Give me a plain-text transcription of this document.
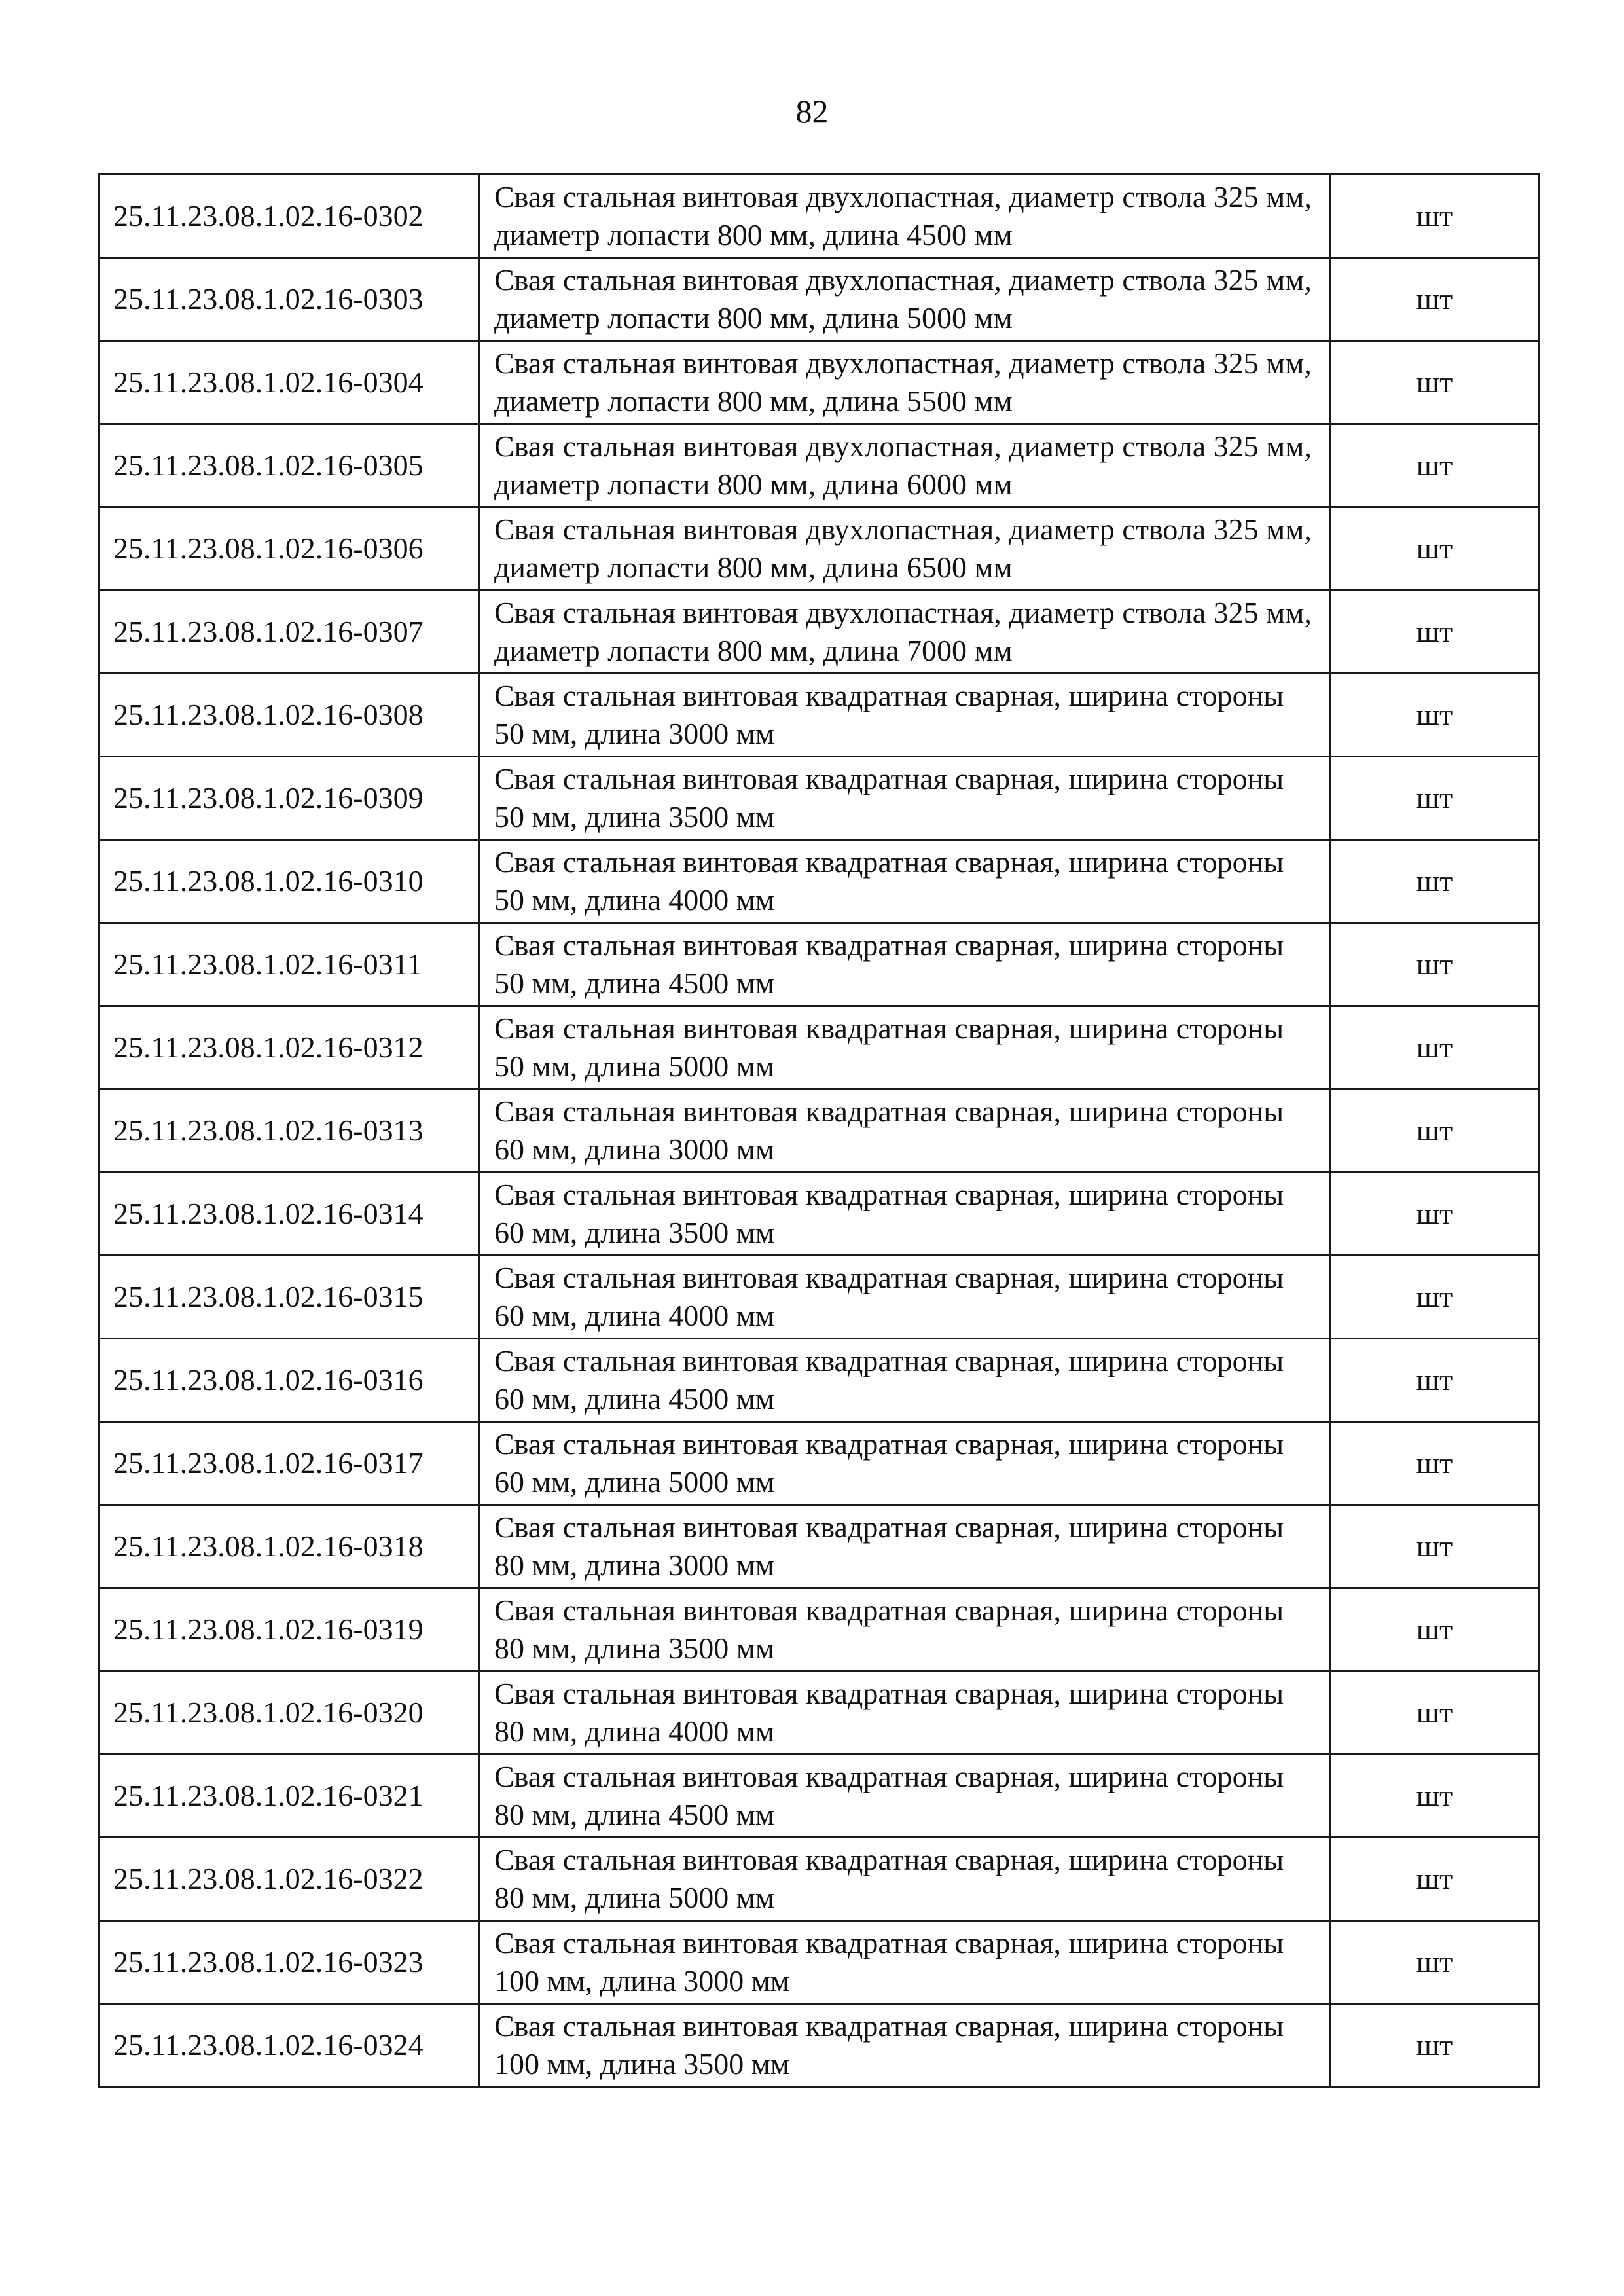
82
25.11.23.08.1.02.16-0302	Свая стальная винтовая двухлопастная, диаметр ствола 325 мм, диаметр лопасти 800 мм, длина 4500 мм	шт
25.11.23.08.1.02.16-0303	Свая стальная винтовая двухлопастная, диаметр ствола 325 мм, диаметр лопасти 800 мм, длина 5000 мм	шт
25.11.23.08.1.02.16-0304	Свая стальная винтовая двухлопастная, диаметр ствола 325 мм, диаметр лопасти 800 мм, длина 5500 мм	шт
25.11.23.08.1.02.16-0305	Свая стальная винтовая двухлопастная, диаметр ствола 325 мм, диаметр лопасти 800 мм, длина 6000 мм	шт
25.11.23.08.1.02.16-0306	Свая стальная винтовая двухлопастная, диаметр ствола 325 мм, диаметр лопасти 800 мм, длина 6500 мм	шт
25.11.23.08.1.02.16-0307	Свая стальная винтовая двухлопастная, диаметр ствола 325 мм, диаметр лопасти 800 мм, длина 7000 мм	шт
25.11.23.08.1.02.16-0308	Свая стальная винтовая квадратная сварная, ширина стороны 50 мм, длина 3000 мм	шт
25.11.23.08.1.02.16-0309	Свая стальная винтовая квадратная сварная, ширина стороны 50 мм, длина 3500 мм	шт
25.11.23.08.1.02.16-0310	Свая стальная винтовая квадратная сварная, ширина стороны 50 мм, длина 4000 мм	шт
25.11.23.08.1.02.16-0311	Свая стальная винтовая квадратная сварная, ширина стороны 50 мм, длина 4500 мм	шт
25.11.23.08.1.02.16-0312	Свая стальная винтовая квадратная сварная, ширина стороны 50 мм, длина 5000 мм	шт
25.11.23.08.1.02.16-0313	Свая стальная винтовая квадратная сварная, ширина стороны 60 мм, длина 3000 мм	шт
25.11.23.08.1.02.16-0314	Свая стальная винтовая квадратная сварная, ширина стороны 60 мм, длина 3500 мм	шт
25.11.23.08.1.02.16-0315	Свая стальная винтовая квадратная сварная, ширина стороны 60 мм, длина 4000 мм	шт
25.11.23.08.1.02.16-0316	Свая стальная винтовая квадратная сварная, ширина стороны 60 мм, длина 4500 мм	шт
25.11.23.08.1.02.16-0317	Свая стальная винтовая квадратная сварная, ширина стороны 60 мм, длина 5000 мм	шт
25.11.23.08.1.02.16-0318	Свая стальная винтовая квадратная сварная, ширина стороны 80 мм, длина 3000 мм	шт
25.11.23.08.1.02.16-0319	Свая стальная винтовая квадратная сварная, ширина стороны 80 мм, длина 3500 мм	шт
25.11.23.08.1.02.16-0320	Свая стальная винтовая квадратная сварная, ширина стороны 80 мм, длина 4000 мм	шт
25.11.23.08.1.02.16-0321	Свая стальная винтовая квадратная сварная, ширина стороны 80 мм, длина 4500 мм	шт
25.11.23.08.1.02.16-0322	Свая стальная винтовая квадратная сварная, ширина стороны 80 мм, длина 5000 мм	шт
25.11.23.08.1.02.16-0323	Свая стальная винтовая квадратная сварная, ширина стороны 100 мм, длина 3000 мм	шт
25.11.23.08.1.02.16-0324	Свая стальная винтовая квадратная сварная, ширина стороны 100 мм, длина 3500 мм	шт
